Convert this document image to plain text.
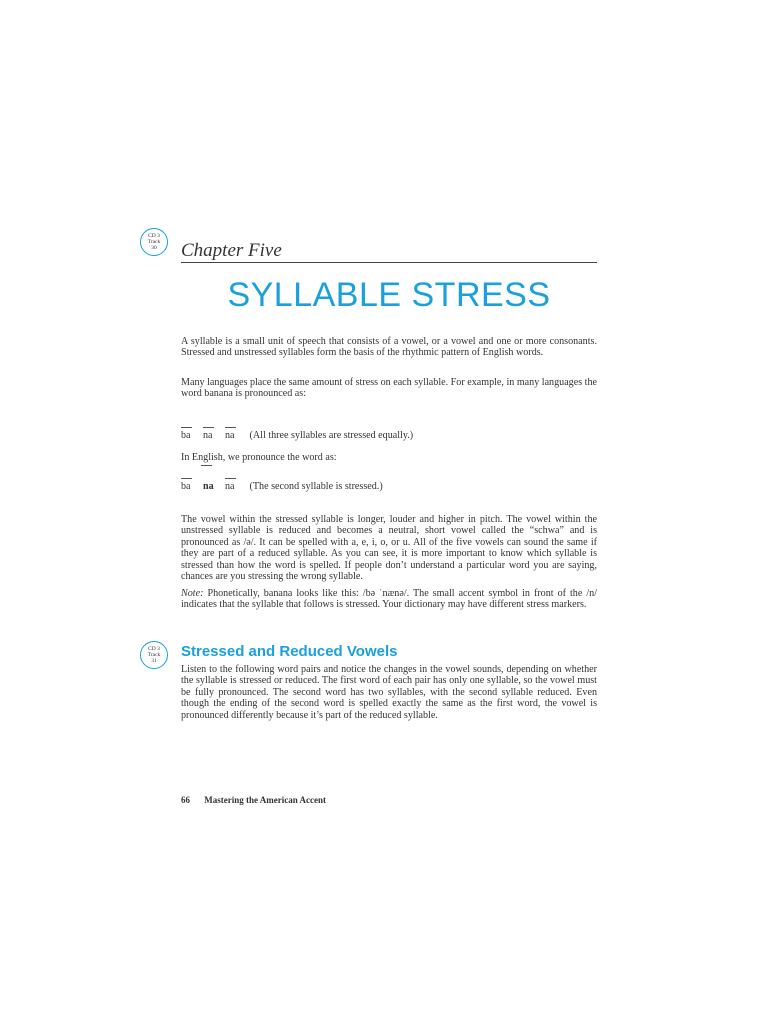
CD 3
Track
30	Chapter Five
SYLLABLE STRESS
A syllable is a small unit of speech that consists of a vowel, or a vowel and one or more consonants. Stressed and unstressed syllables form the basis of the rhythmic pattern of English words.
Many languages place the same amount of stress on each syllable. For example, in many languages the word banana is pronounced as:
ba na na (All three syllables are stressed equally.)
In English, we pronounce the word as:
ba na na (The second syllable is stressed.)
The vowel within the stressed syllable is longer, louder and higher in pitch. The vowel within the unstressed syllable is reduced and becomes a neutral, short vowel called the “schwa” and is pronounced as /ə/. It can be spelled with a, e, i, o, or u. All of the five vowels can sound the same if they are part of a reduced syllable. As you can see, it is more important to know which syllable is stressed than how the word is spelled. If people don’t understand a particular word you are saying, chances are you stressing the wrong syllable.
Note: Phonetically, banana looks like this: /bə ˈnænə/. The small accent symbol in front of the /n/ indicates that the syllable that follows is stressed. Your dictionary may have different stress markers.
CD 3
Track
31
Stressed and Reduced Vowels
Listen to the following word pairs and notice the changes in the vowel sounds, depending on whether the syllable is stressed or reduced. The first word of each pair has only one syllable, so the vowel must be fully pronounced. The second word has two syllables, with the second syllable reduced. Even though the ending of the second word is spelled exactly the same as the first word, the vowel is pronounced differently because it’s part of the reduced syllable.
66 Mastering the American Accent
